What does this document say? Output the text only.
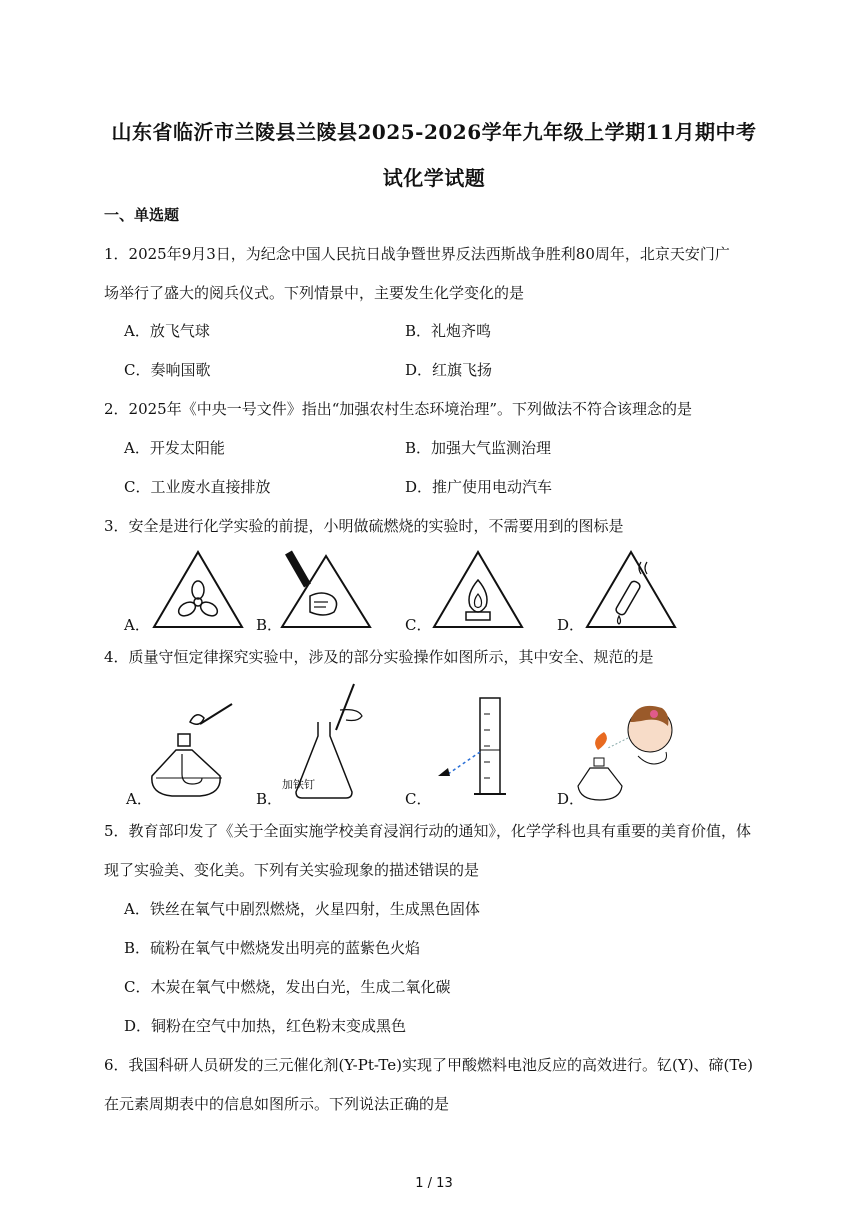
山东省临沂市兰陵县兰陵县2025-2026学年九年级上学期11月期中考
试化学试题
一、单选题
1．2025年9月3日，为纪念中国人民抗日战争暨世界反法西斯战争胜利80周年，北京天安门广
场举行了盛大的阅兵仪式。下列情景中，主要发生化学变化的是
A．放飞气球	B．礼炮齐鸣
C．奏响国歌	D．红旗飞扬
2．2025年《中央一号文件》指出“加强农村生态环境治理”。下列做法不符合该理念的是
A．开发太阳能	B．加强大气监测治理
C．工业废水直接排放	D．推广使用电动汽车
3．安全是进行化学实验的前提，小明做硫燃烧的实验时，不需要用到的图标是
A．	B．	C．	D．
4．质量守恒定律探究实验中，涉及的部分实验操作如图所示，其中安全、规范的是
A．	B．
加铁钉
C．	D．
5．教育部印发了《关于全面实施学校美育浸润行动的通知》，化学学科也具有重要的美育价值，体
现了实验美、变化美。下列有关实验现象的描述错误的是
A．铁丝在氧气中剧烈燃烧，火星四射，生成黑色固体
B．硫粉在氧气中燃烧发出明亮的蓝紫色火焰
C．木炭在氧气中燃烧，发出白光，生成二氧化碳
D．铜粉在空气中加热，红色粉末变成黑色
6．我国科研人员研发的三元催化剂(Y-Pt-Te)实现了甲酸燃料电池反应的高效进行。钇(Y)、碲(Te)
在元素周期表中的信息如图所示。下列说法正确的是
1 / 13
